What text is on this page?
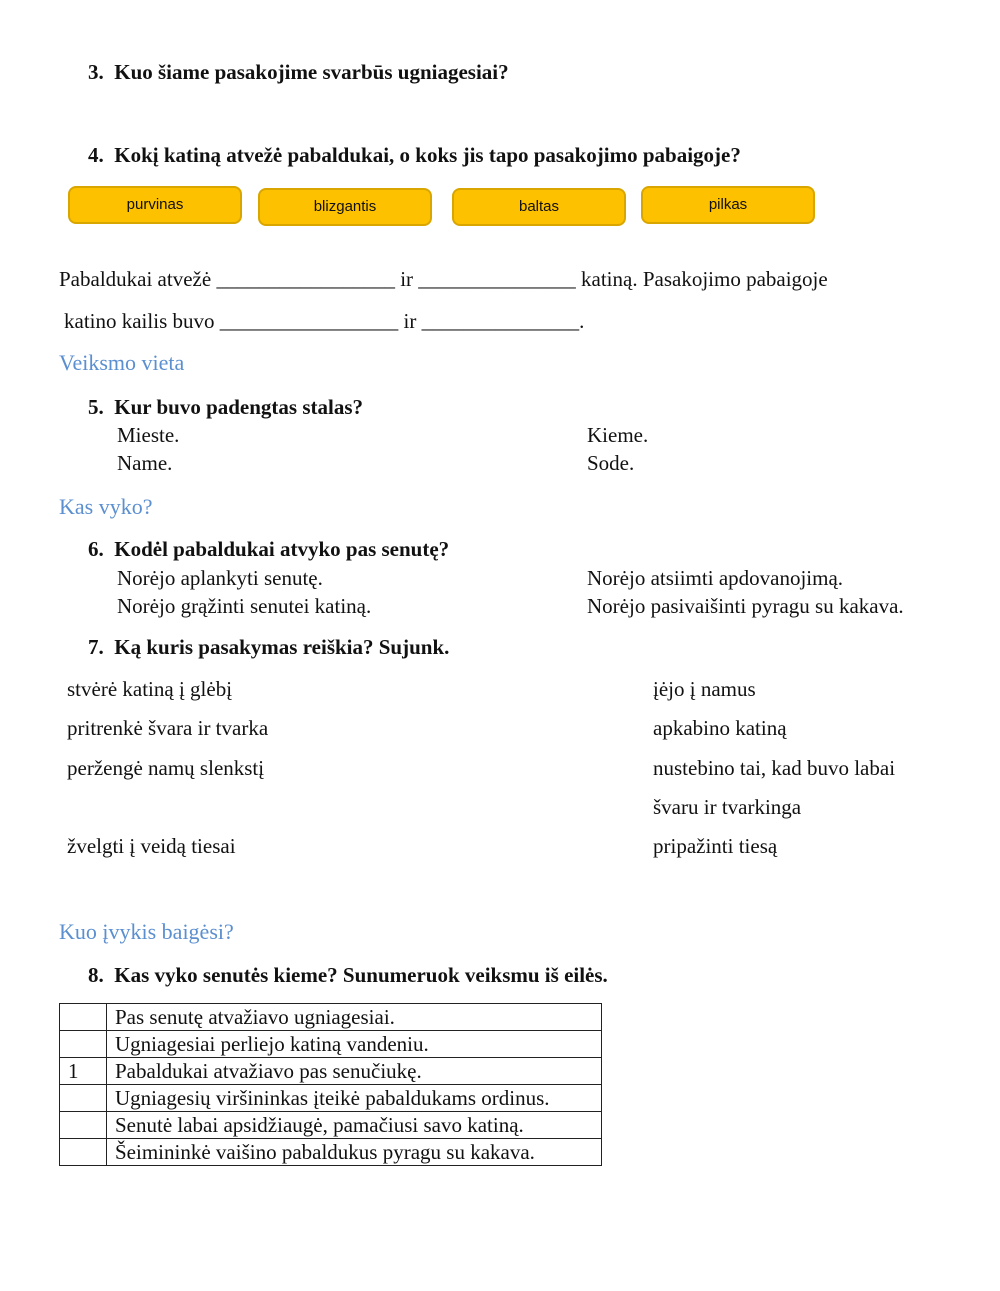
3. Kuo šiame pasakojime svarbūs ugniagesiai?
4. Kokį katiną atvežė pabaldukai, o koks jis tapo pasakojimo pabaigoje?
purvinas	blizgantis	baltas	pilkas
Pabaldukai atvežė _________________ ir _______________ katiną. Pasakojimo pabaigoje
katino kailis buvo _________________ ir _______________.
Veiksmo vieta
5. Kur buvo padengtas stalas?
Mieste.	Kieme.
Name.	Sode.
Kas vyko?
6. Kodėl pabaldukai atvyko pas senutę?
Norėjo aplankyti senutę.	Norėjo atsiimti apdovanojimą.
Norėjo grąžinti senutei katiną.	Norėjo pasivaišinti pyragu su kakava.
7. Ką kuris pasakymas reiškia? Sujunk.
stvėrė katiną į glėbį
pritrenkė švara ir tvarka
peržengė namų slenkstį
žvelgti į veidą tiesai
įėjo į namus
apkabino katiną
nustebino tai, kad buvo labai
švaru ir tvarkinga
pripažinti tiesą
Kuo įvykis baigėsi?
8. Kas vyko senutės kieme? Sunumeruok veiksmu iš eilės.
	Pas senutę atvažiavo ugniagesiai.
	Ugniagesiai perliejo katiną vandeniu.
1	Pabaldukai atvažiavo pas senučiukę.
	Ugniagesių viršininkas įteikė pabaldukams ordinus.
	Senutė labai apsidžiaugė, pamačiusi savo katiną.
	Šeimininkė vaišino pabaldukus pyragu su kakava.
